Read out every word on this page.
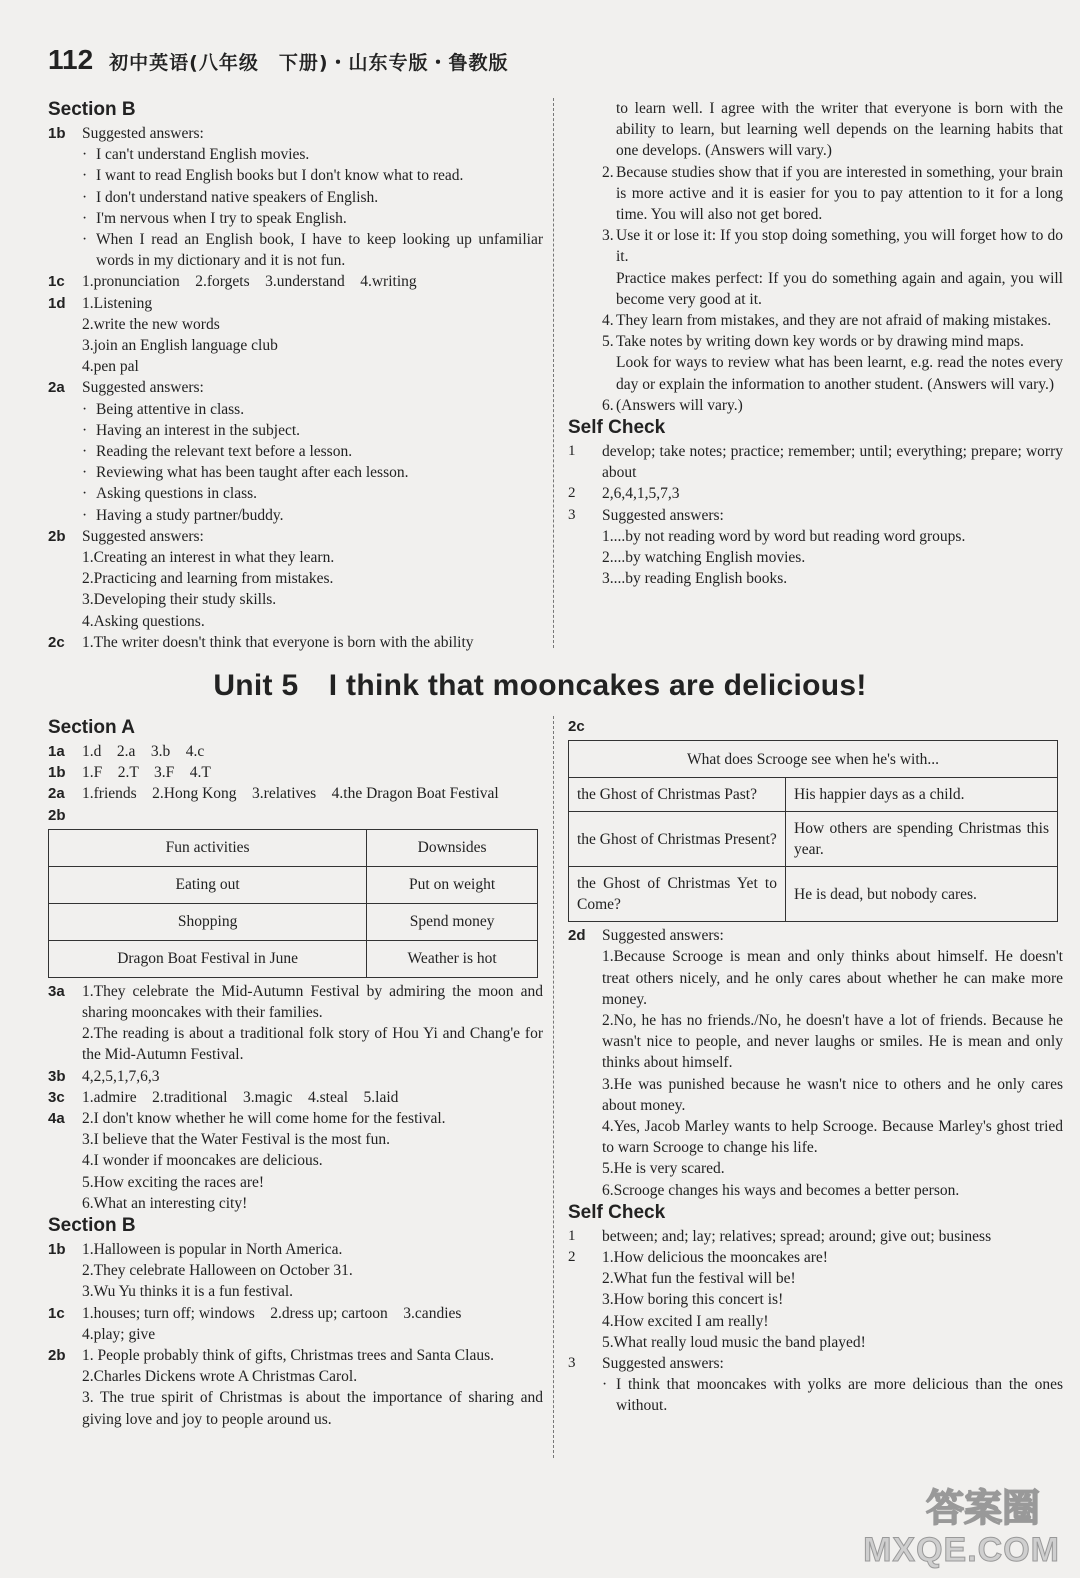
112 初中英语(八年级　下册)・山东专版・鲁教版
Section B
1b	Suggested answers:
· I can't understand English movies.
· I want to read English books but I don't know what to read.
· I don't understand native speakers of English.
· I'm nervous when I try to speak English.
· When I read an English book, I have to keep looking up unfamiliar words in my dictionary and it is not fun.
1c	1.pronunciation　2.forgets　3.understand　4.writing
1d	1.Listening
2.write the new words
3.join an English language club
4.pen pal
2a	Suggested answers:
· Being attentive in class.
· Having an interest in the subject.
· Reading the relevant text before a lesson.
· Reviewing what has been taught after each lesson.
· Asking questions in class.
· Having a study partner/buddy.
2b	Suggested answers:
1.Creating an interest in what they learn.
2.Practicing and learning from mistakes.
3.Developing their study skills.
4.Asking questions.
2c	1.The writer doesn't think that everyone is born with the ability
to learn well. I agree with the writer that everyone is born with the ability to learn, but learning well depends on the learning habits that one develops. (Answers will vary.)
2. Because studies show that if you are interested in something, your brain is more active and it is easier for you to pay attention to it for a long time. You will also not get bored.
3. Use it or lose it: If you stop doing something, you will forget how to do it.
Practice makes perfect: If you do something again and again, you will become very good at it.
4. They learn from mistakes, and they are not afraid of making mistakes.
5. Take notes by writing down key words or by drawing mind maps.
Look for ways to review what has been learnt, e.g. read the notes every day or explain the information to another student. (Answers will vary.)
6. (Answers will vary.)
Self Check
1	develop; take notes; practice; remember; until; everything; prepare; worry about
2	2,6,4,1,5,7,3
3	Suggested answers:
1....by not reading word by word but reading word groups.
2....by watching English movies.
3....by reading English books.
Unit 5　I think that mooncakes are delicious!
Section A
1a	1.d　2.a　3.b　4.c
1b	1.F　2.T　3.F　4.T
2a	1.friends　2.Hong Kong　3.relatives　4.the Dragon Boat Festival
2b
Fun activities	Downsides
Eating out	Put on weight
Shopping	Spend money
Dragon Boat Festival in June	Weather is hot
3a	1.They celebrate the Mid-Autumn Festival by admiring the moon and sharing mooncakes with their families.
2.The reading is about a traditional folk story of Hou Yi and Chang'e for the Mid-Autumn Festival.
3b	4,2,5,1,7,6,3
3c	1.admire　2.traditional　3.magic　4.steal　5.laid
4a	2.I don't know whether he will come home for the festival.
3.I believe that the Water Festival is the most fun.
4.I wonder if mooncakes are delicious.
5.How exciting the races are!
6.What an interesting city!
Section B
1b	1.Halloween is popular in North America.
2.They celebrate Halloween on October 31.
3.Wu Yu thinks it is a fun festival.
1c	1.houses; turn off; windows　2.dress up; cartoon　3.candies
4.play; give
2b	1. People probably think of gifts, Christmas trees and Santa Claus.
2.Charles Dickens wrote A Christmas Carol.
3. The true spirit of Christmas is about the importance of sharing and giving love and joy to people around us.
2c
What does Scrooge see when he's with...	
the Ghost of Christmas Past?	His happier days as a child.
the Ghost of Christmas Present?	How others are spending Christmas this year.
the Ghost of Christmas Yet to Come?	He is dead, but nobody cares.
2d	Suggested answers:
1.Because Scrooge is mean and only thinks about himself. He doesn't treat others nicely, and he only cares about whether he can make more money.
2.No, he has no friends./No, he doesn't have a lot of friends. Because he wasn't nice to people, and never laughs or smiles. He is mean and only thinks about himself.
3.He was punished because he wasn't nice to others and he only cares about money.
4.Yes, Jacob Marley wants to help Scrooge. Because Marley's ghost tried to warn Scrooge to change his life.
5.He is very scared.
6.Scrooge changes his ways and becomes a better person.
Self Check
1	between; and; lay; relatives; spread; around; give out; business
2	1.How delicious the mooncakes are!
2.What fun the festival will be!
3.How boring this concert is!
4.How excited I am really!
5.What really loud music the band played!
3	Suggested answers:
· I think that mooncakes with yolks are more delicious than the ones without.
答案圈
MXQE.COM
